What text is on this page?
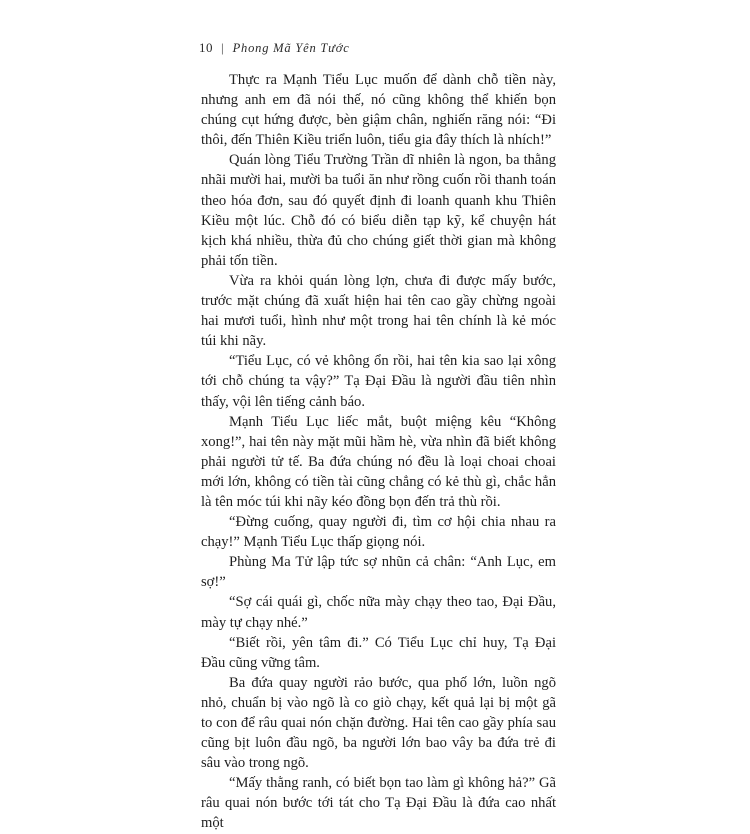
10 | Phong Mã Yên Tước

Thực ra Mạnh Tiểu Lục muốn để dành chỗ tiền này, nhưng anh em đã nói thế, nó cũng không thể khiến bọn chúng cụt hứng được, bèn giậm chân, nghiến răng nói: “Đi thôi, đến Thiên Kiều triển luôn, tiểu gia đây thích là nhích!”

Quán lòng Tiểu Trường Trần dĩ nhiên là ngon, ba thằng nhãi mười hai, mười ba tuổi ăn như rồng cuốn rồi thanh toán theo hóa đơn, sau đó quyết định đi loanh quanh khu Thiên Kiều một lúc. Chỗ đó có biểu diễn tạp kỹ, kể chuyện hát kịch khá nhiều, thừa đủ cho chúng giết thời gian mà không phải tốn tiền.

Vừa ra khỏi quán lòng lợn, chưa đi được mấy bước, trước mặt chúng đã xuất hiện hai tên cao gầy chừng ngoài hai mươi tuổi, hình như một trong hai tên chính là kẻ móc túi khi nãy.

“Tiểu Lục, có vẻ không ổn rồi, hai tên kia sao lại xông tới chỗ chúng ta vậy?” Tạ Đại Đầu là người đầu tiên nhìn thấy, vội lên tiếng cảnh báo.

Mạnh Tiểu Lục liếc mắt, buột miệng kêu “Không xong!”, hai tên này mặt mũi hầm hè, vừa nhìn đã biết không phải người tử tế. Ba đứa chúng nó đều là loại choai choai mới lớn, không có tiền tài cũng chẳng có kẻ thù gì, chắc hẳn là tên móc túi khi nãy kéo đồng bọn đến trả thù rồi.

“Đừng cuống, quay người đi, tìm cơ hội chia nhau ra chạy!” Mạnh Tiểu Lục thấp giọng nói.

Phùng Ma Tử lập tức sợ nhũn cả chân: “Anh Lục, em sợ!”

“Sợ cái quái gì, chốc nữa mày chạy theo tao, Đại Đầu, mày tự chạy nhé.”

“Biết rồi, yên tâm đi.” Có Tiểu Lục chỉ huy, Tạ Đại Đầu cũng vững tâm.

Ba đứa quay người rảo bước, qua phố lớn, luồn ngõ nhỏ, chuẩn bị vào ngõ là co giò chạy, kết quả lại bị một gã to con để râu quai nón chặn đường. Hai tên cao gầy phía sau cũng bịt luôn đầu ngõ, ba người lớn bao vây ba đứa trẻ đi sâu vào trong ngõ.

“Mấy thằng ranh, có biết bọn tao làm gì không hả?” Gã râu quai nón bước tới tát cho Tạ Đại Đầu là đứa cao nhất một
